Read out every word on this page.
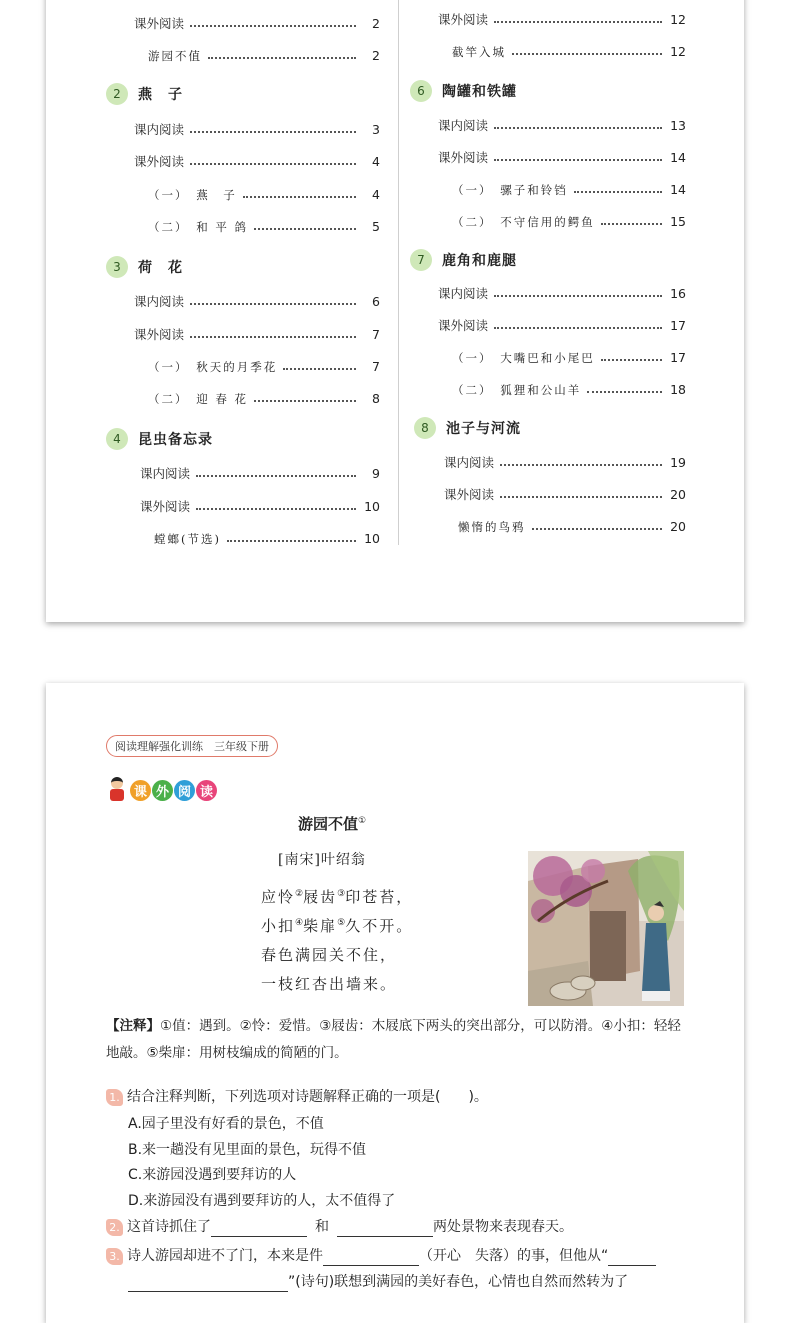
课外阅读	2
游园不值	2
2	燕　子
课内阅读	3
课外阅读	4
（一）　燕　子	4
（二）　和 平 鸽	5
3	荷　花
课内阅读	6
课外阅读	7
（一）　秋天的月季花	7
（二）　迎 春 花	8
4	昆虫备忘录
课内阅读	9
课外阅读	10
螳螂(节选)	10
课外阅读	12
截竿入城	12
6	陶罐和铁罐
课内阅读	13
课外阅读	14
（一）　骡子和铃铛	14
（二）　不守信用的鳄鱼	15
7	鹿角和鹿腿
课内阅读	16
课外阅读	17
（一）　大嘴巴和小尾巴	17
（二）　狐狸和公山羊	18
8	池子与河流
课内阅读	19
课外阅读	20
懒惰的鸟鸦	20
阅读理解强化训练　三年级下册
课 外 阅 读
游园不值①
[南宋]叶绍翁
应怜②屐齿③印苍苔，
小扣④柴扉⑤久不开。
春色满园关不住，
一枝红杏出墙来。
【注释】①值：遇到。②怜：爱惜。③屐齿：木屐底下两头的突出部分，可以防滑。④小扣：轻轻地敲。⑤柴扉：用树枝编成的简陋的门。
1. 结合注释判断，下列选项对诗题解释正确的一项是(　　)。
A.园子里没有好看的景色，不值
B.来一趟没有见里面的景色，玩得不值
C.来游园没遇到要拜访的人
D.来游园没有遇到要拜访的人，太不值得了
2. 这首诗抓住了	和	两处景物来表现春天。
3. 诗人游园却进不了门，本来是件	（开心　失落）的事，但他从“
”(诗句)联想到满园的美好春色，心情也自然而然转为了
